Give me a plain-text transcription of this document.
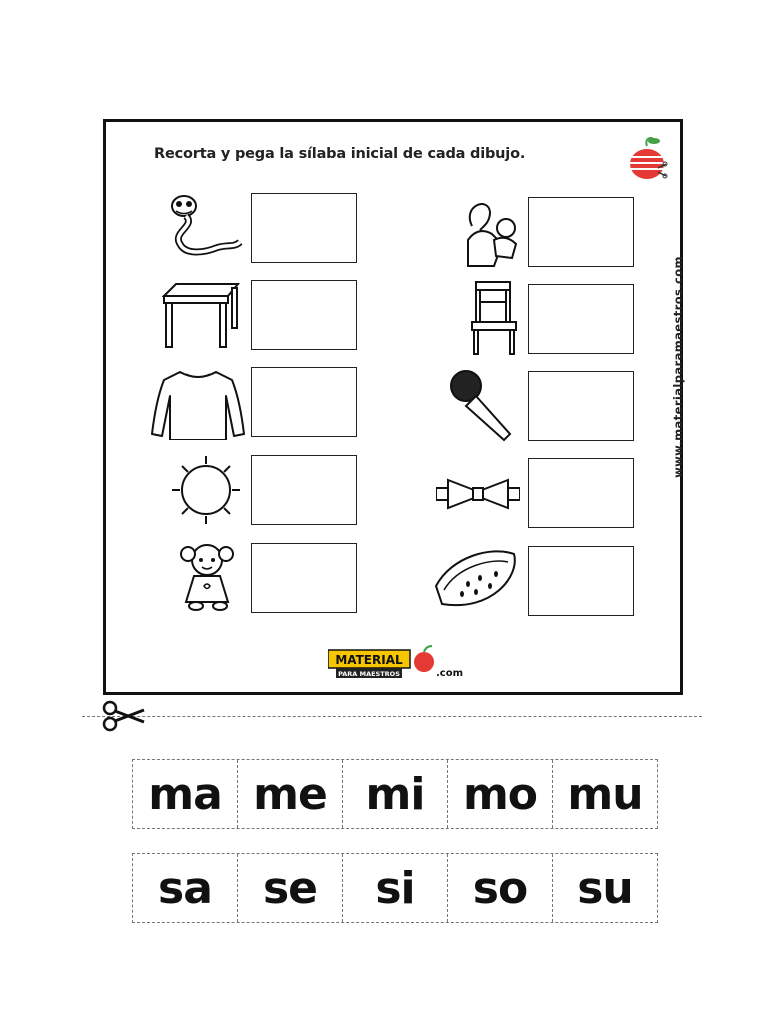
Recorta y pega la sílaba inicial de cada dibujo.
www.materialparamaestros.com
MATERIAL
PARA MAESTROS	.com
ma me mi mo mu
sa	se	si	so	su
